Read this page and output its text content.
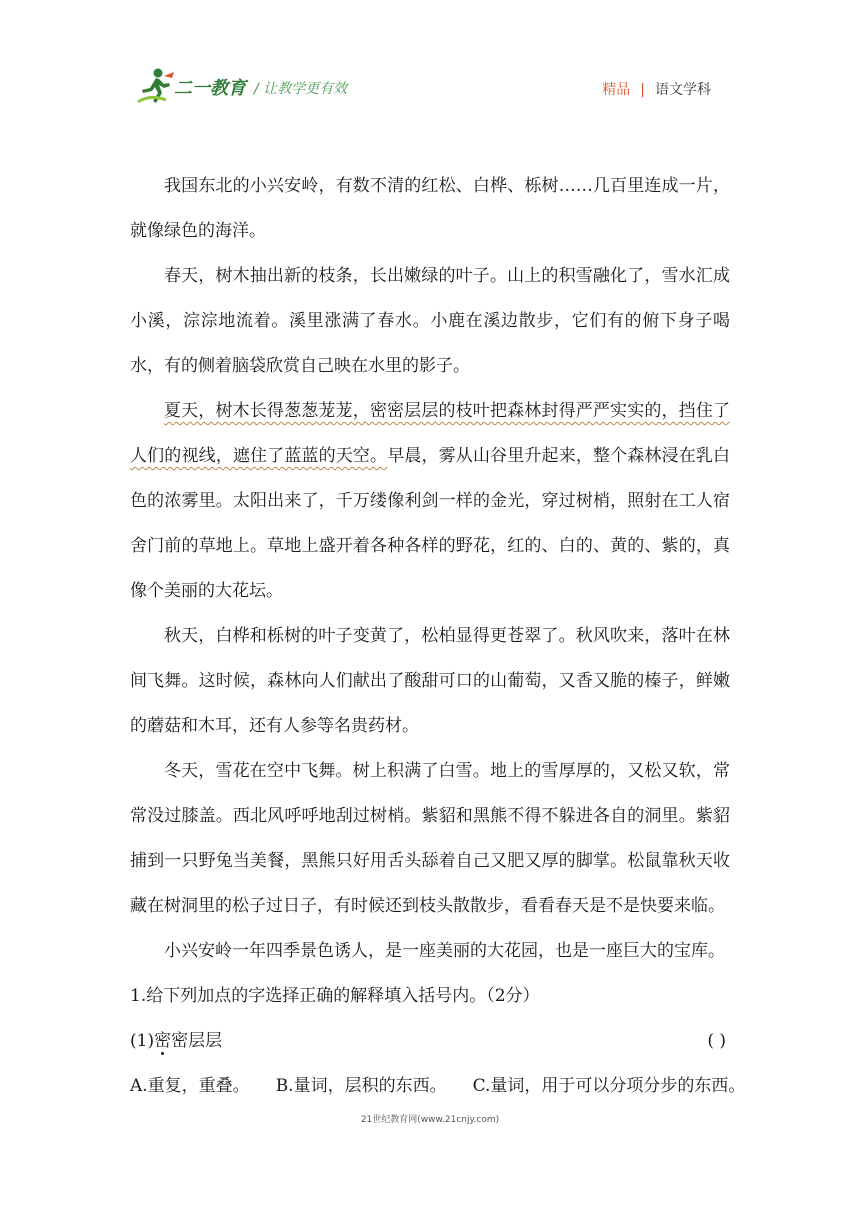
二一教育 / 让教学更有效	精品 | 语文学科

我国东北的小兴安岭，有数不清的红松、白桦、栎树……几百里连成一片，就像绿色的海洋。

春天，树木抽出新的枝条，长出嫩绿的叶子。山上的积雪融化了，雪水汇成小溪，淙淙地流着。溪里涨满了春水。小鹿在溪边散步，它们有的俯下身子喝水，有的侧着脑袋欣赏自己映在水里的影子。

夏天，树木长得葱葱茏茏，密密层层的枝叶把森林封得严严实实的，挡住了人们的视线，遮住了蓝蓝的天空。早晨，雾从山谷里升起来，整个森林浸在乳白色的浓雾里。太阳出来了，千万缕像利剑一样的金光，穿过树梢，照射在工人宿舍门前的草地上。草地上盛开着各种各样的野花，红的、白的、黄的、紫的，真像个美丽的大花坛。

秋天，白桦和栎树的叶子变黄了，松柏显得更苍翠了。秋风吹来，落叶在林间飞舞。这时候，森林向人们献出了酸甜可口的山葡萄，又香又脆的榛子，鲜嫩的蘑菇和木耳，还有人参等名贵药材。

冬天，雪花在空中飞舞。树上积满了白雪。地上的雪厚厚的，又松又软，常常没过膝盖。西北风呼呼地刮过树梢。紫貂和黑熊不得不躲进各自的洞里。紫貂捕到一只野兔当美餐，黑熊只好用舌头舔着自己又肥又厚的脚掌。松鼠靠秋天收藏在树洞里的松子过日子，有时候还到枝头散散步，看看春天是不是快要来临。

小兴安岭一年四季景色诱人，是一座美丽的大花园，也是一座巨大的宝库。

1.给下列加点的字选择正确的解释填入括号内。（2分）

(1)密密层层	( )

A.重复，重叠。 B.量词，层积的东西。 C.量词，用于可以分项分步的东西。

21世纪教育网(www.21cnjy.com)
